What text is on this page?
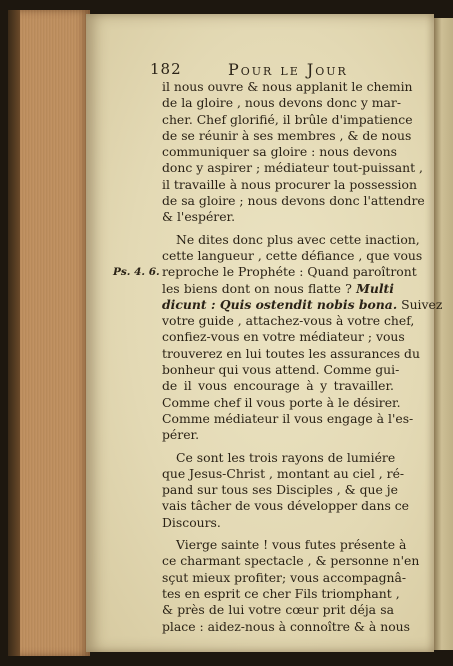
182	Pour le Jour
Ps. 4. 6.

il nous ouvre & nous applanit le chemin
de la gloire , nous devons donc y mar-
cher. Chef glorifié, il brûle d'impatience
de se réunir à ses membres , & de nous
communiquer sa gloire : nous devons
donc y aspirer ; médiateur tout-puissant ,
il travaille à nous procurer la possession
de sa gloire ; nous devons donc l'attendre
& l'espérer.

Ne dites donc plus avec cette inaction,
cette langueur , cette défiance , que vous
reproche le Prophéte : Quand paroîtront
les biens dont on nous flatte ? Multi
dicunt : Quis ostendit nobis bona. Suivez
votre guide , attachez-vous à votre chef,
confiez-vous en votre médiateur ; vous
trouverez en lui toutes les assurances du
bonheur qui vous attend. Comme gui-
de il vous encourage à y travailler.
Comme chef il vous porte à le désirer.
Comme médiateur il vous engage à l'es-
pérer.

Ce sont les trois rayons de lumiére
que Jesus-Christ , montant au ciel , ré-
pand sur tous ses Disciples , & que je
vais tâcher de vous développer dans ce
Discours.

Vierge sainte ! vous futes présente à
ce charmant spectacle , & personne n'en
sçut mieux profiter; vous accompagnâ-
tes en esprit ce cher Fils triomphant ,
& près de lui votre cœur prit déja sa
place : aidez-nous à connoître & à nous
